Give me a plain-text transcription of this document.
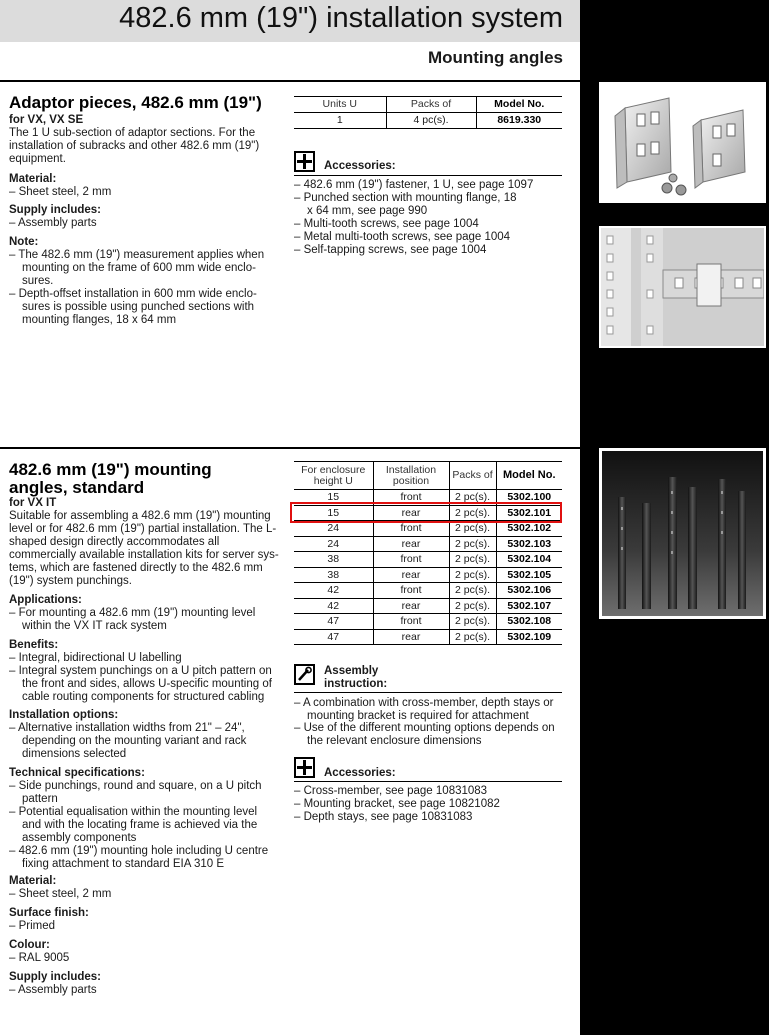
482.6 mm (19") installation system
Mounting angles
Adaptor pieces, 482.6 mm (19")
for VX, VX SE
The 1 U sub-section of adaptor sections. For the installation of subracks and other 482.6 mm (19") equipment.
Material:
– Sheet steel, 2 mm
Supply includes:
– Assembly parts
Note:
– The 482.6 mm (19") measurement applies when mounting on the frame of 600 mm wide enclo-sures.
– Depth-offset installation in 600 mm wide enclo-sures is possible using punched sections with mounting flanges, 18 x 64 mm
Units U	Packs of	Model No.
1	4 pc(s).	8619.330
Accessories:
– 482.6 mm (19") fastener, 1 U, see page 1097
– Punched section with mounting flange, 18 x 64 mm, see page 990
– Multi-tooth screws, see page 1004
– Metal multi-tooth screws, see page 1004
– Self-tapping screws, see page 1004
482.6 mm (19") mounting
angles, standard
for VX IT
Suitable for assembling a 482.6 mm (19") mounting level or for 482.6 mm (19") partial installation. The L-shaped design directly accommodates all commercially available installation kits for server sys-tems, which are fastened directly to the 482.6 mm (19") system punchings.
Applications:
– For mounting a 482.6 mm (19") mounting level within the VX IT rack system
Benefits:
– Integral, bidirectional U labelling
– Integral system punchings on a U pitch pattern on the front and sides, allows U-specific mounting of cable routing components for structured cabling
Installation options:
– Alternative installation widths from 21" – 24", depending on the mounting variant and rack dimensions selected
Technical specifications:
– Side punchings, round and square, on a U pitch pattern
– Potential equalisation within the mounting level and with the locating frame is achieved via the assembly components
– 482.6 mm (19") mounting hole including U centre fixing attachment to standard EIA 310 E
Material:
– Sheet steel, 2 mm
Surface finish:
– Primed
Colour:
– RAL 9005
Supply includes:
– Assembly parts
For enclosure height U	Installation position	Packs of	Model No.
15	front	2 pc(s).	5302.100
15	rear	2 pc(s).	5302.101
24	front	2 pc(s).	5302.102
24	rear	2 pc(s).	5302.103
38	front	2 pc(s).	5302.104
38	rear	2 pc(s).	5302.105
42	front	2 pc(s).	5302.106
42	rear	2 pc(s).	5302.107
47	front	2 pc(s).	5302.108
47	rear	2 pc(s).	5302.109
Assembly
instruction:
– A combination with cross-member, depth stays or mounting bracket is required for attachment
– Use of the different mounting options depends on the relevant enclosure dimensions
Accessories:
– Cross-member, see page 10831083
– Mounting bracket, see page 10821082
– Depth stays, see page 10831083
